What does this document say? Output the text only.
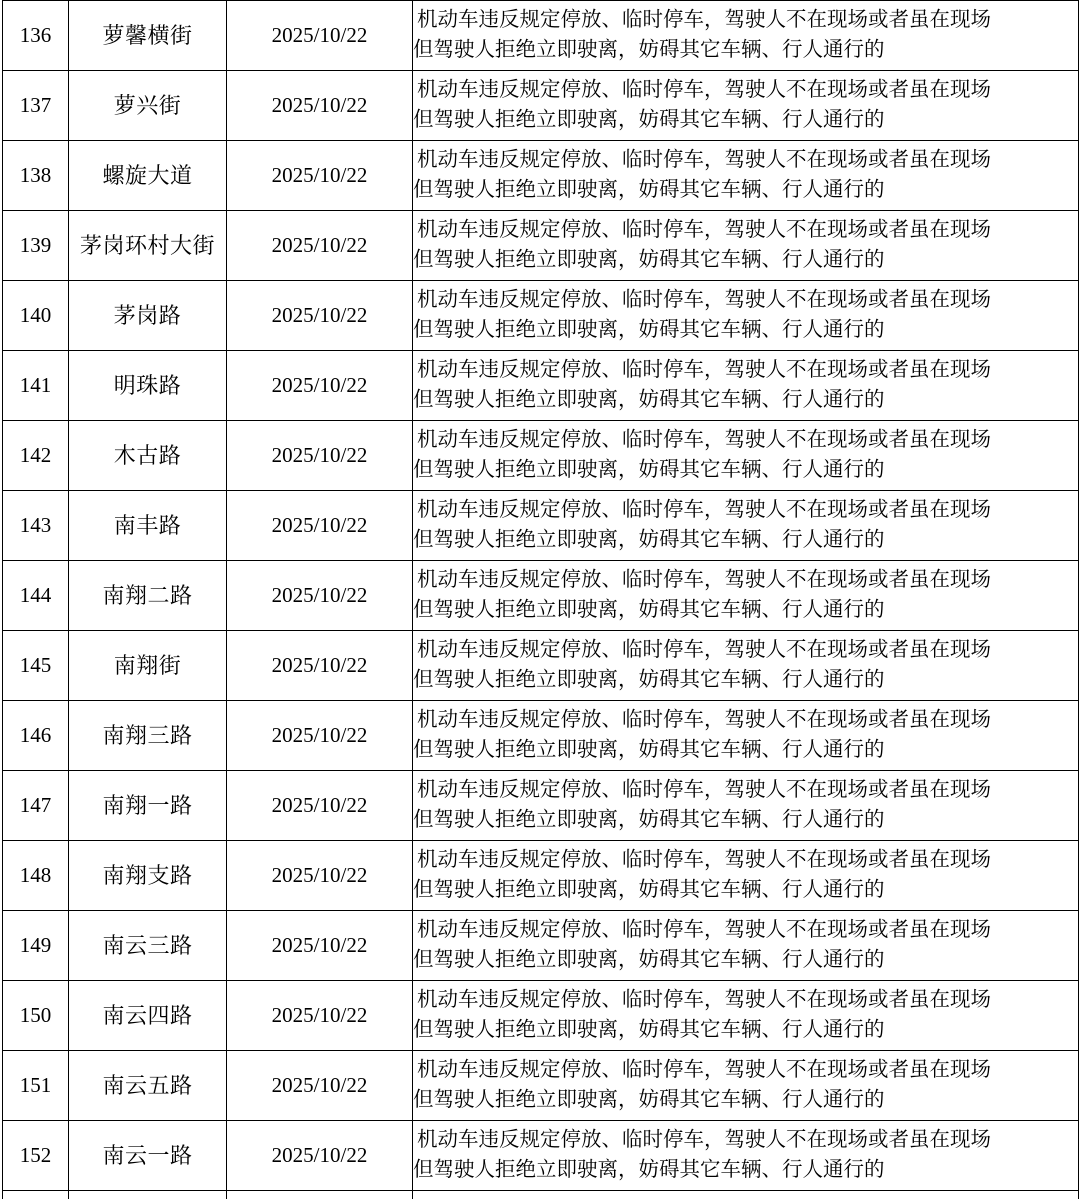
136	萝馨横街	2025/10/22	机动车违反规定停放、临时停车，驾驶人不在现场或者虽在现场
但驾驶人拒绝立即驶离，妨碍其它车辆、行人通行的

137	萝兴街	2025/10/22	机动车违反规定停放、临时停车，驾驶人不在现场或者虽在现场
但驾驶人拒绝立即驶离，妨碍其它车辆、行人通行的

138	螺旋大道	2025/10/22	机动车违反规定停放、临时停车，驾驶人不在现场或者虽在现场
但驾驶人拒绝立即驶离，妨碍其它车辆、行人通行的

139	茅岗环村大街	2025/10/22	机动车违反规定停放、临时停车，驾驶人不在现场或者虽在现场
但驾驶人拒绝立即驶离，妨碍其它车辆、行人通行的

140	茅岗路	2025/10/22	机动车违反规定停放、临时停车，驾驶人不在现场或者虽在现场
但驾驶人拒绝立即驶离，妨碍其它车辆、行人通行的

141	明珠路	2025/10/22	机动车违反规定停放、临时停车，驾驶人不在现场或者虽在现场
但驾驶人拒绝立即驶离，妨碍其它车辆、行人通行的

142	木古路	2025/10/22	机动车违反规定停放、临时停车，驾驶人不在现场或者虽在现场
但驾驶人拒绝立即驶离，妨碍其它车辆、行人通行的

143	南丰路	2025/10/22	机动车违反规定停放、临时停车，驾驶人不在现场或者虽在现场
但驾驶人拒绝立即驶离，妨碍其它车辆、行人通行的

144	南翔二路	2025/10/22	机动车违反规定停放、临时停车，驾驶人不在现场或者虽在现场
但驾驶人拒绝立即驶离，妨碍其它车辆、行人通行的

145	南翔街	2025/10/22	机动车违反规定停放、临时停车，驾驶人不在现场或者虽在现场
但驾驶人拒绝立即驶离，妨碍其它车辆、行人通行的

146	南翔三路	2025/10/22	机动车违反规定停放、临时停车，驾驶人不在现场或者虽在现场
但驾驶人拒绝立即驶离，妨碍其它车辆、行人通行的

147	南翔一路	2025/10/22	机动车违反规定停放、临时停车，驾驶人不在现场或者虽在现场
但驾驶人拒绝立即驶离，妨碍其它车辆、行人通行的

148	南翔支路	2025/10/22	机动车违反规定停放、临时停车，驾驶人不在现场或者虽在现场
但驾驶人拒绝立即驶离，妨碍其它车辆、行人通行的

149	南云三路	2025/10/22	机动车违反规定停放、临时停车，驾驶人不在现场或者虽在现场
但驾驶人拒绝立即驶离，妨碍其它车辆、行人通行的

150	南云四路	2025/10/22	机动车违反规定停放、临时停车，驾驶人不在现场或者虽在现场
但驾驶人拒绝立即驶离，妨碍其它车辆、行人通行的

151	南云五路	2025/10/22	机动车违反规定停放、临时停车，驾驶人不在现场或者虽在现场
但驾驶人拒绝立即驶离，妨碍其它车辆、行人通行的

152	南云一路	2025/10/22	机动车违反规定停放、临时停车，驾驶人不在现场或者虽在现场
但驾驶人拒绝立即驶离，妨碍其它车辆、行人通行的
